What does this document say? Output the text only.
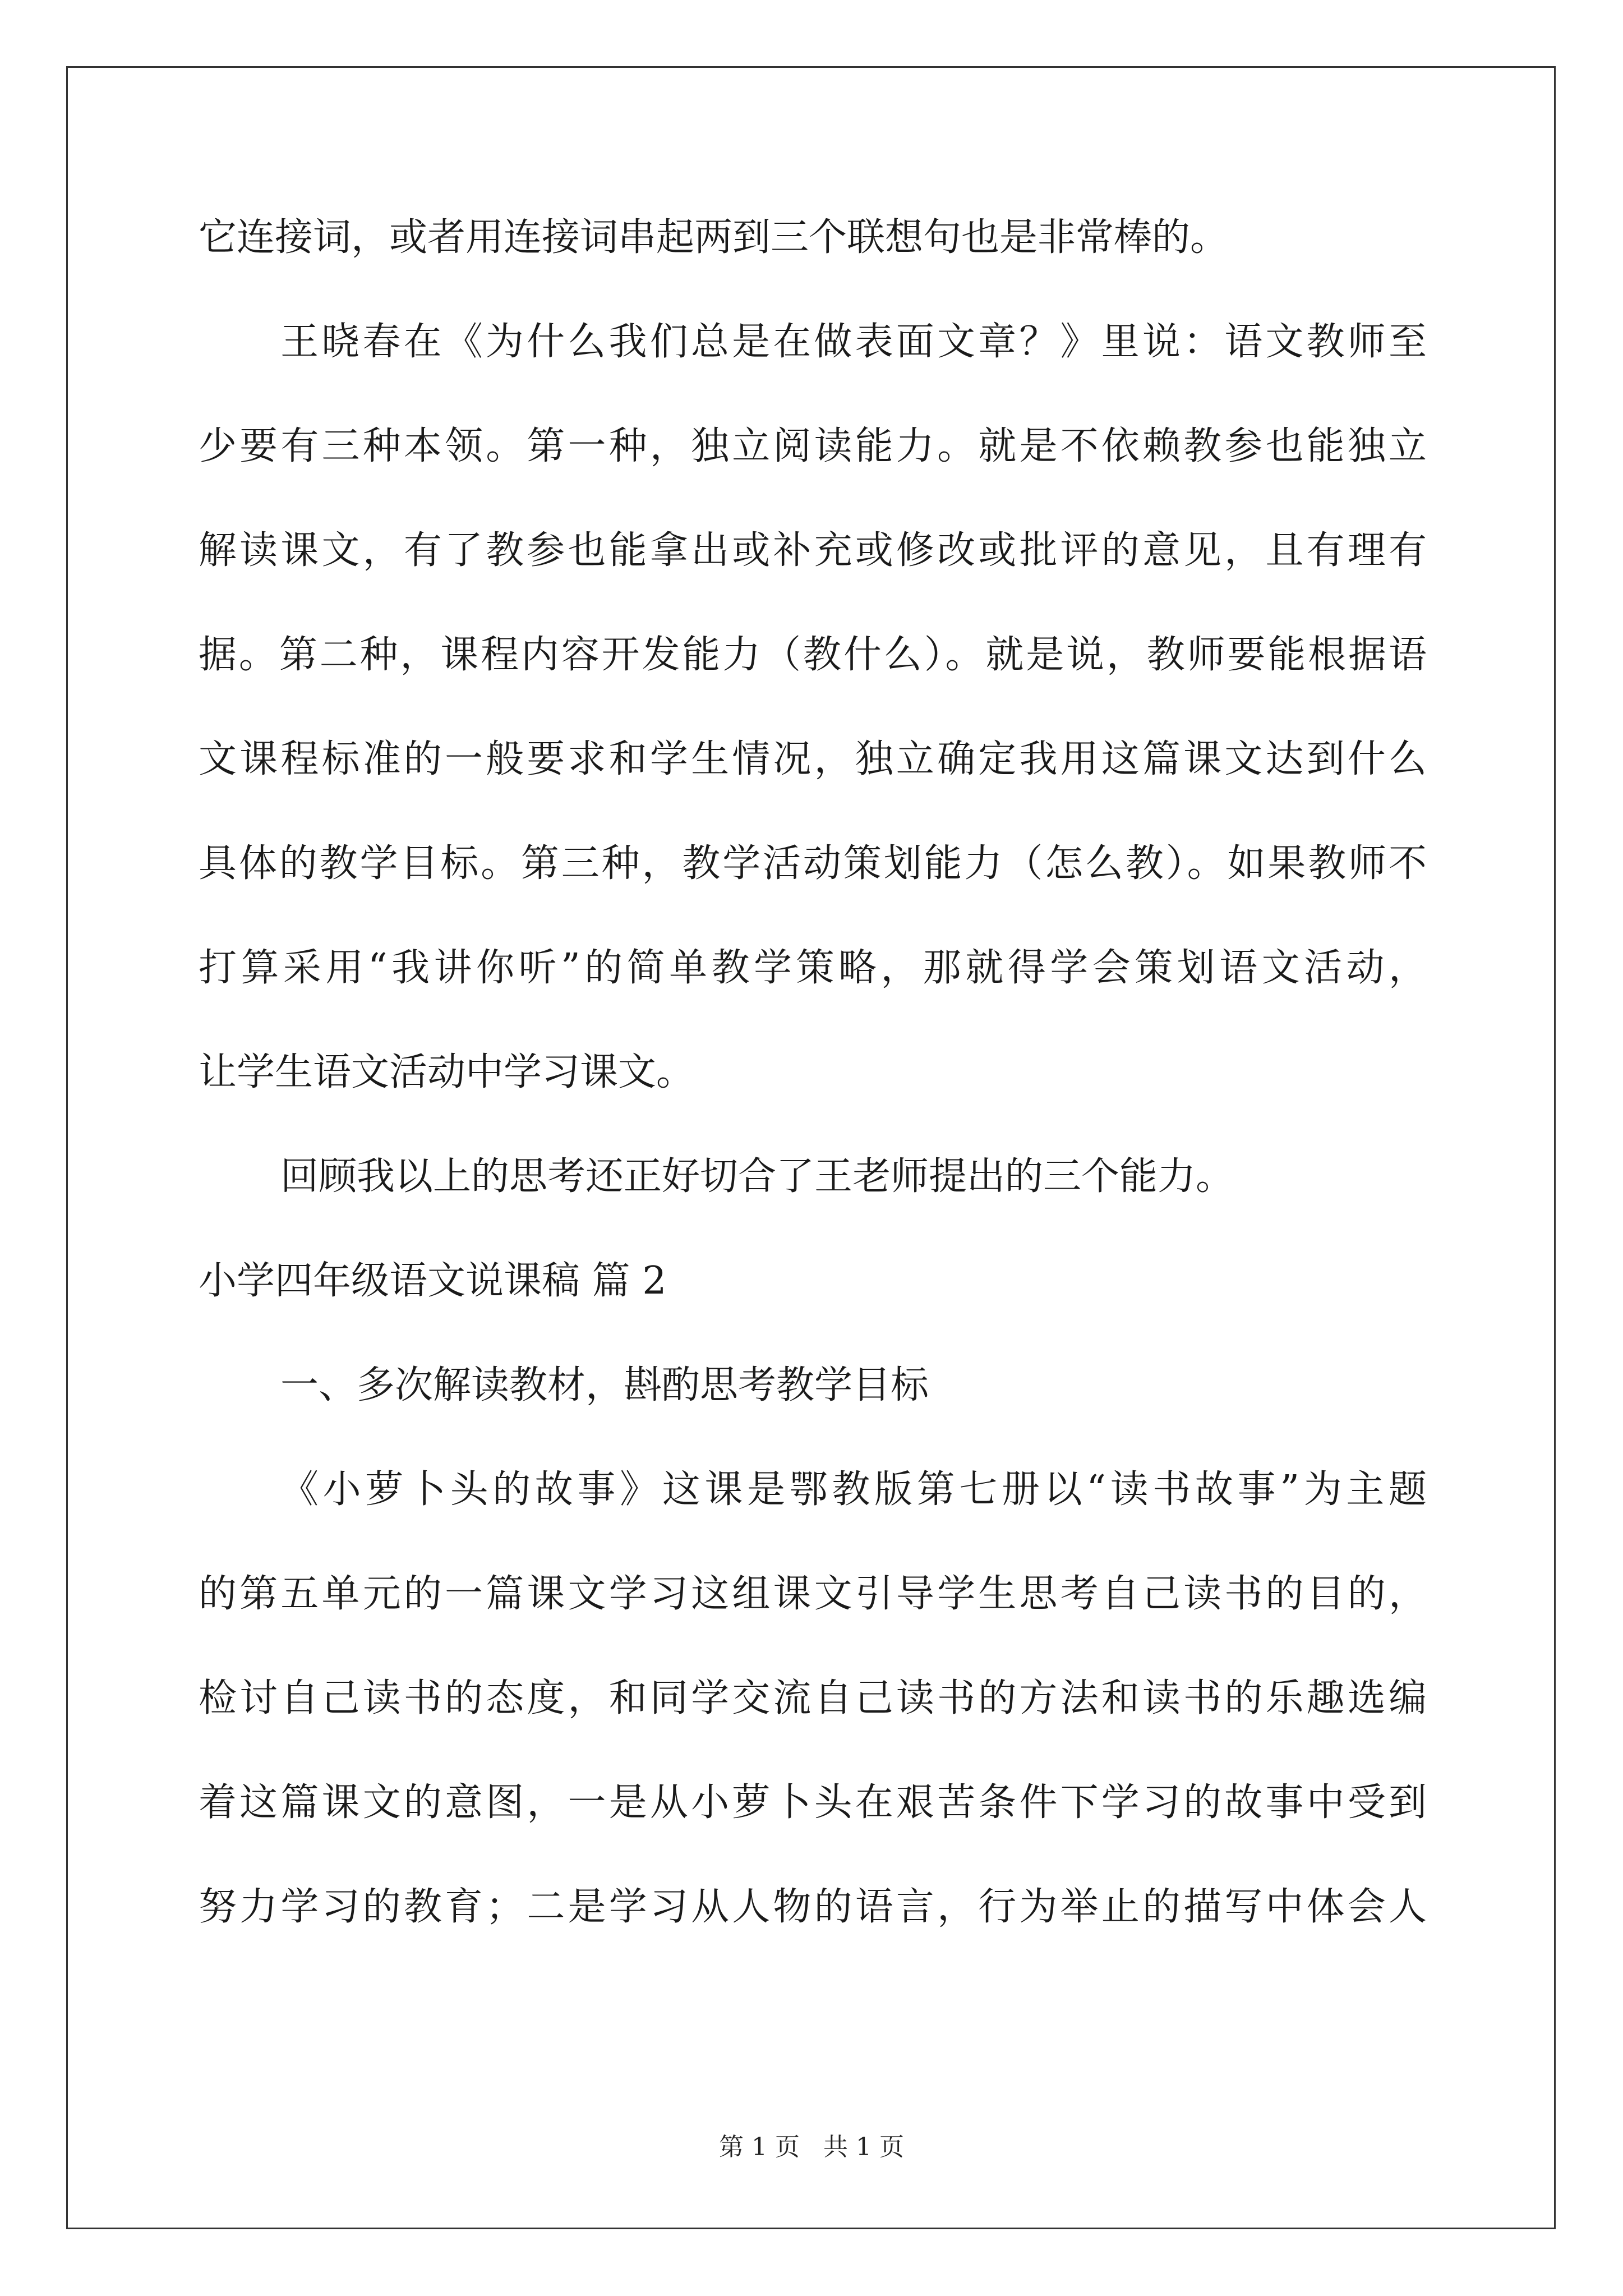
它连接词，或者用连接词串起两到三个联想句也是非常棒的。
王晓春在《为什么我们总是在做表面文章？》里说：语文教师至
少要有三种本领。第一种，独立阅读能力。就是不依赖教参也能独立
解读课文，有了教参也能拿出或补充或修改或批评的意见，且有理有
据。第二种，课程内容开发能力（教什么）。就是说，教师要能根据语
文课程标准的一般要求和学生情况，独立确定我用这篇课文达到什么
具体的教学目标。第三种，教学活动策划能力（怎么教）。如果教师不
打算采用“我讲你听”的简单教学策略，那就得学会策划语文活动，
让学生语文活动中学习课文。
回顾我以上的思考还正好切合了王老师提出的三个能力。
小学四年级语文说课稿 篇 2
一、多次解读教材，斟酌思考教学目标
《小萝卜头的故事》这课是鄂教版第七册以“读书故事”为主题
的第五单元的一篇课文学习这组课文引导学生思考自己读书的目的，
检讨自己读书的态度，和同学交流自己读书的方法和读书的乐趣选编
着这篇课文的意图，一是从小萝卜头在艰苦条件下学习的故事中受到
努力学习的教育；二是学习从人物的语言，行为举止的描写中体会人
第 1 页 共 1 页
